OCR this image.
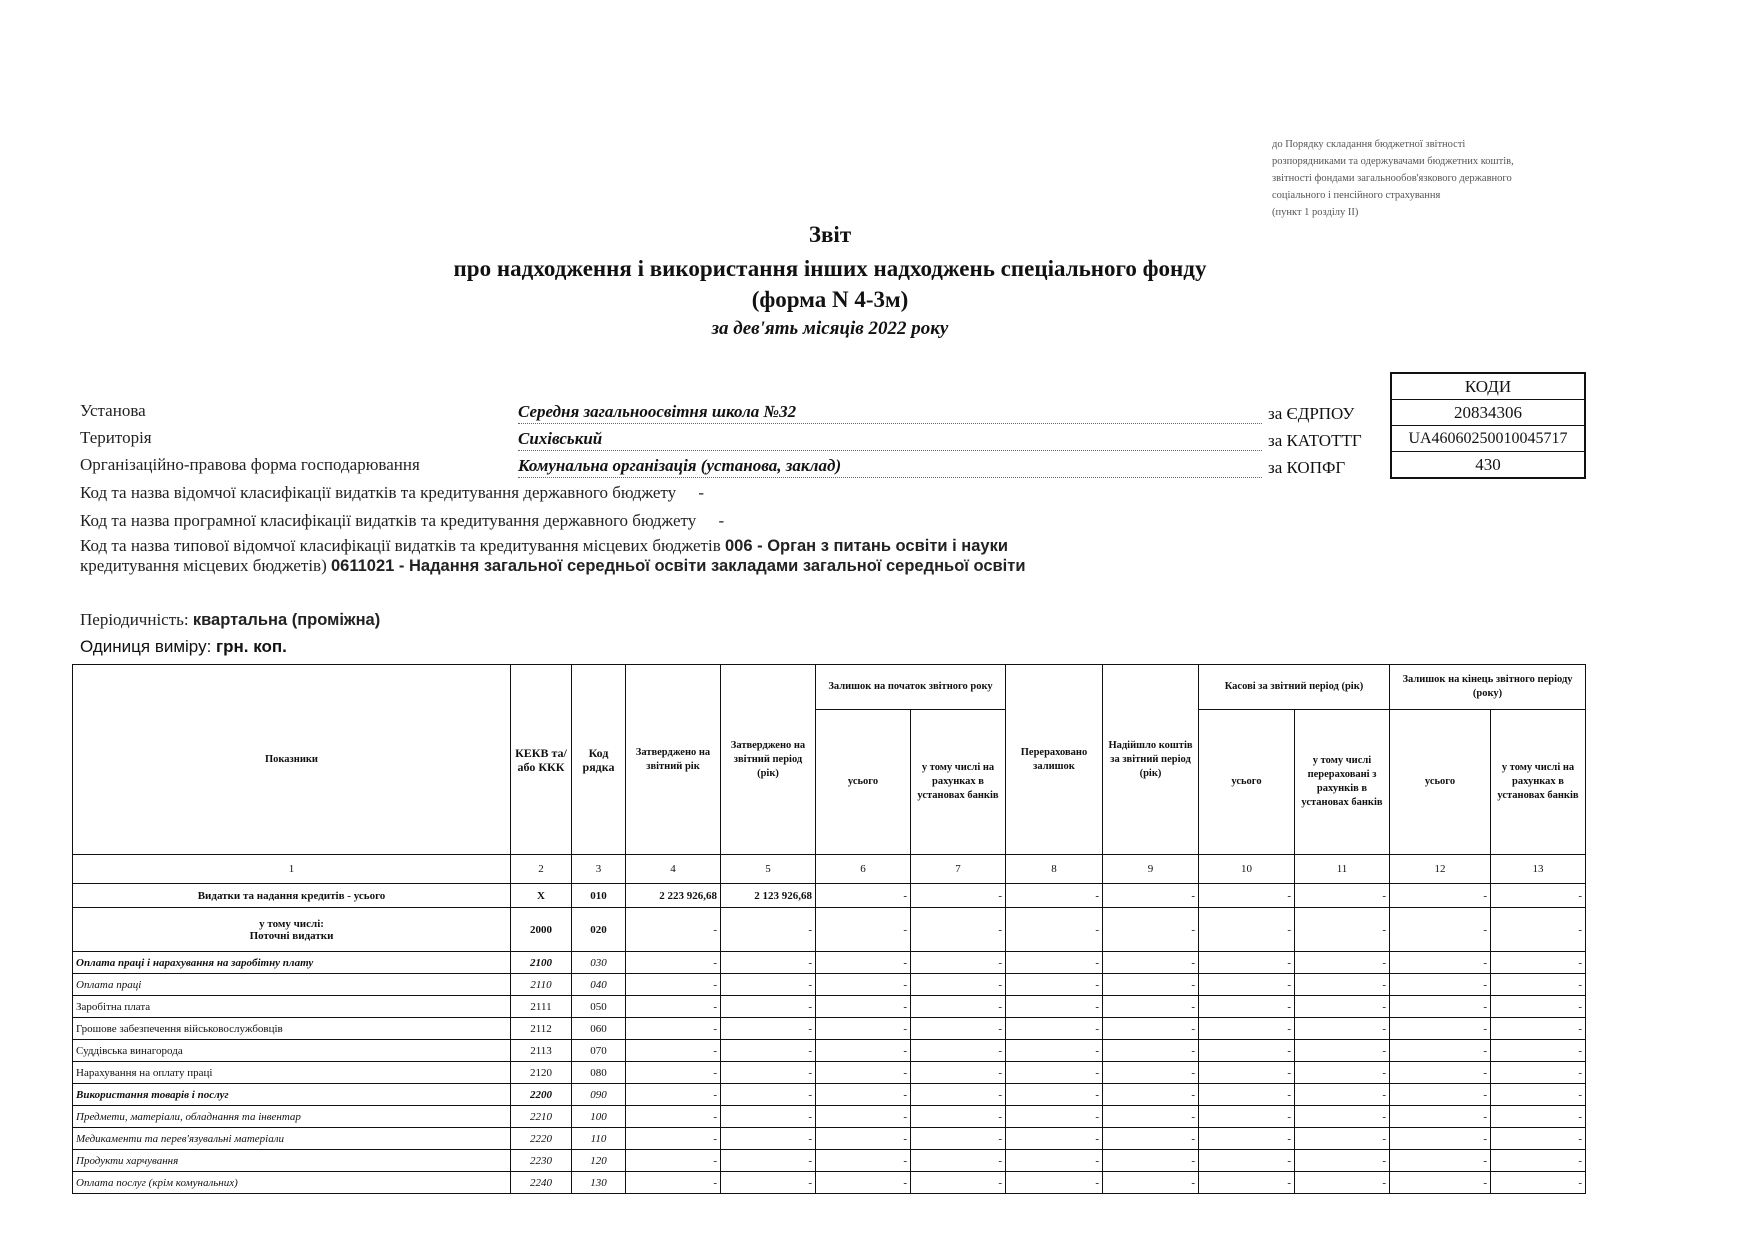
до Порядку складання бюджетної звітності
розпорядниками та одержувачами бюджетних коштів,
звітності фондами загальнообов'язкового державного
соціального і пенсійного страхування
(пункт 1 розділу II)
Звіт
про надходження і використання інших надходжень спеціального фонду
(форма N 4-3м)
за дев'ять місяців 2022 року
КОДИ
20834306
UA46060250010045717
430
за ЄДРПОУ
за КАТОТТГ
за КОПФГ
Установа	Середня загальноосвітня школа №32
Територія	Сихівський
Організаційно-правова форма господарювання	Комунальна організація (установа, заклад)
Код та назва відомчої класифікації видатків та кредитування державного бюджету -
Код та назва програмної класифікації видатків та кредитування державного бюджету -
Код та назва типової відомчої класифікації видатків та кредитування місцевих бюджетів 006 - Орган з питань освіти і науки
кредитування місцевих бюджетів) 0611021 - Надання загальної середньої освіти закладами загальної середньої освіти
Періодичність: квартальна (проміжна)
Одиниця виміру: грн. коп.
Показники	КЕКВ та/або ККК	Код рядка	Затверджено на звітний рік	Затверджено на звітний період (рік)	Залишок на початок звітного року		Перераховано залишок	Надійшло коштів за звітний період (рік)	Касові за звітний період (рік)		Залишок на кінець звітного періоду (року)	
					усього	у тому числі на рахунках в установах банків			усього	у тому числі перераховані з рахунків в установах банків	усього	у тому числі на рахунках в установах банків
1	2	3	4	5	6	7	8	9	10	11	12	13

Видатки та надання кредитів - усього	X	010	2 223 926,68	2 123 926,68	-	-	-	-	-	-	-	-

у тому числі:
Поточні видатки	2000	020	-	-	-	-	-	-	-	-	-	-

Оплата праці і нарахування на заробітну плату	2100	030	-	-	-	-	-	-	-	-	-	-

Оплата праці	2110	040	-	-	-	-	-	-	-	-	-	-

Заробітна плата	2111	050	-	-	-	-	-	-	-	-	-	-

Грошове забезпечення військовослужбовців	2112	060	-	-	-	-	-	-	-	-	-	-

Суддівська винагорода	2113	070	-	-	-	-	-	-	-	-	-	-

Нарахування на оплату праці	2120	080	-	-	-	-	-	-	-	-	-	-

Використання товарів і послуг	2200	090	-	-	-	-	-	-	-	-	-	-

Предмети, матеріали, обладнання та інвентар	2210	100	-	-	-	-	-	-	-	-	-	-

Медикаменти та перев'язувальні матеріали	2220	110	-	-	-	-	-	-	-	-	-	-

Продукти харчування	2230	120	-	-	-	-	-	-	-	-	-	-

Оплата послуг (крім комунальних)	2240	130	-	-	-	-	-	-	-	-	-	-
